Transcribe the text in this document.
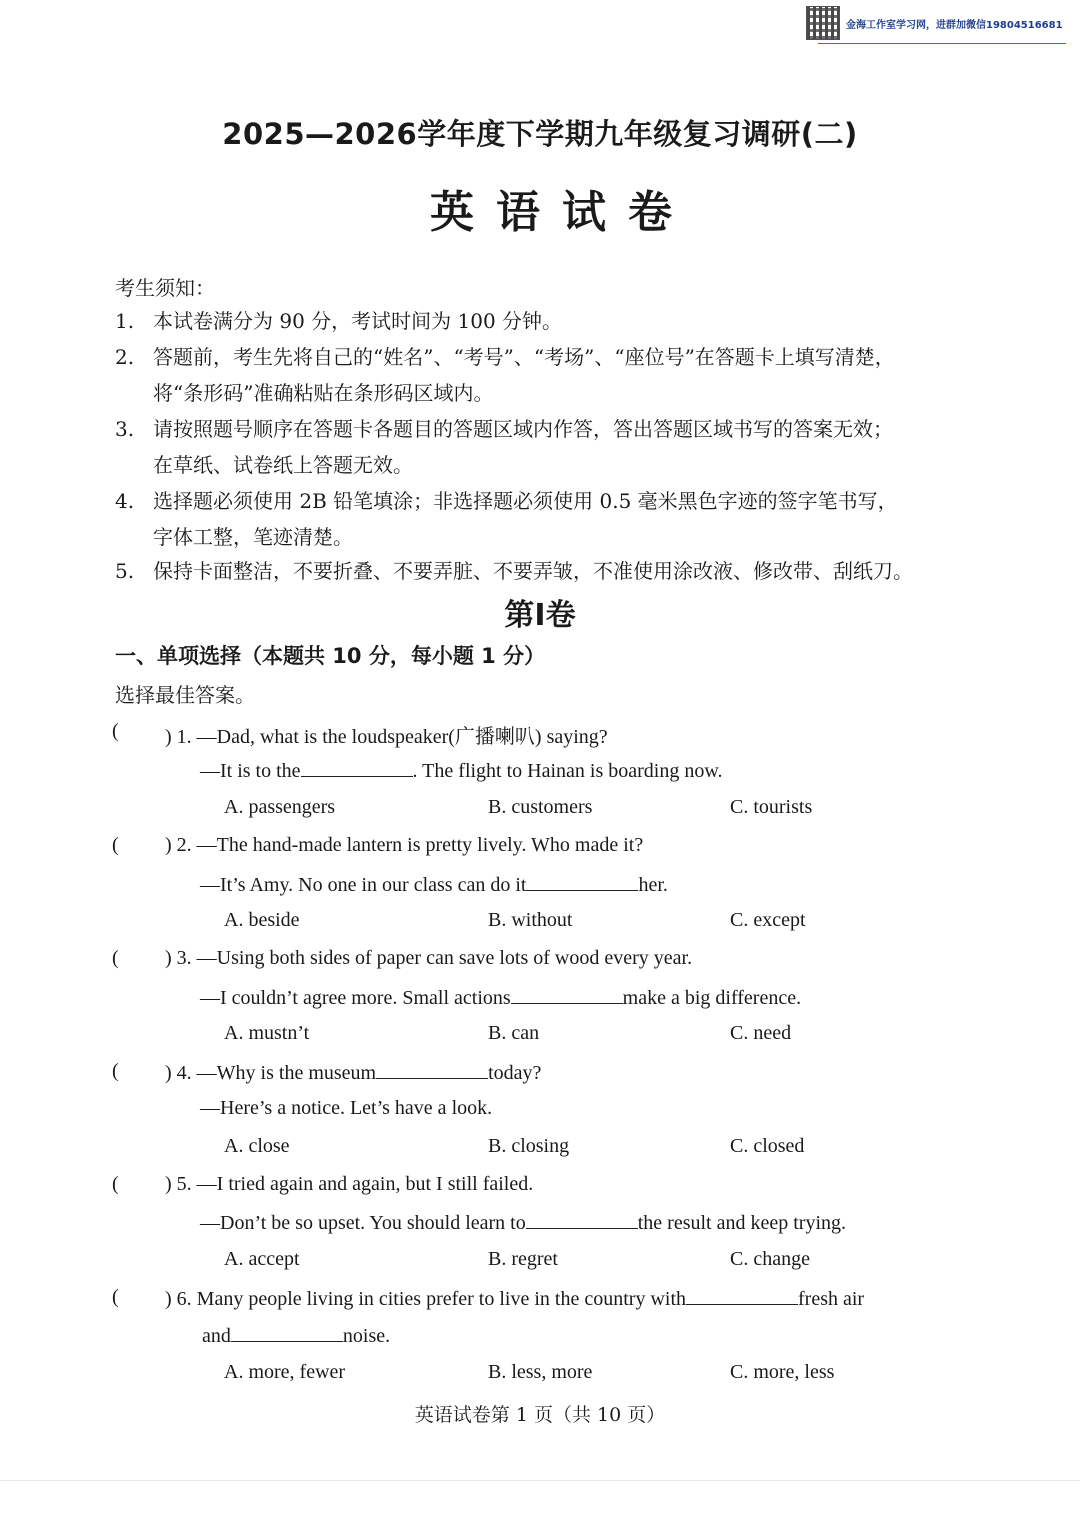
金海工作室学习网，进群加微信19804516681
2025—2026学年度下学期九年级复习调研(二)
英语试卷
考生须知：
1. 本试卷满分为 90 分，考试时间为 100 分钟。
2. 答题前，考生先将自己的“姓名”、“考号”、“考场”、“座位号”在答题卡上填写清楚，
将“条形码”准确粘贴在条形码区域内。
3. 请按照题号顺序在答题卡各题目的答题区域内作答，答出答题区域书写的答案无效；
在草纸、试卷纸上答题无效。
4. 选择题必须使用 2B 铅笔填涂；非选择题必须使用 0.5 毫米黑色字迹的签字笔书写，
字体工整，笔迹清楚。
5. 保持卡面整洁，不要折叠、不要弄脏、不要弄皱，不准使用涂改液、修改带、刮纸刀。
第Ⅰ卷
一、单项选择（本题共 10 分，每小题 1 分）
选择最佳答案。
( ) 1. —Dad, what is the loudspeaker(广播喇叭) saying?
—It is to the	. The flight to Hainan is boarding now.
A. passengers	B. customers	C. tourists
( ) 2. —The hand-made lantern is pretty lively. Who made it?
—It’s Amy. No one in our class can do it	her.
A. beside	B. without	C. except
( ) 3. —Using both sides of paper can save lots of wood every year.
—I couldn’t agree more. Small actions	make a big difference.
A. mustn’t	B. can	C. need
( ) 4. —Why is the museum	today?
—Here’s a notice. Let’s have a look.
A. close	B. closing	C. closed
( ) 5. —I tried again and again, but I still failed.
—Don’t be so upset. You should learn to	the result and keep trying.
A. accept	B. regret	C. change
( ) 6. Many people living in cities prefer to live in the country with	fresh air
and	noise.
A. more, fewer	B. less, more	C. more, less
英语试卷第 1 页（共 10 页）
